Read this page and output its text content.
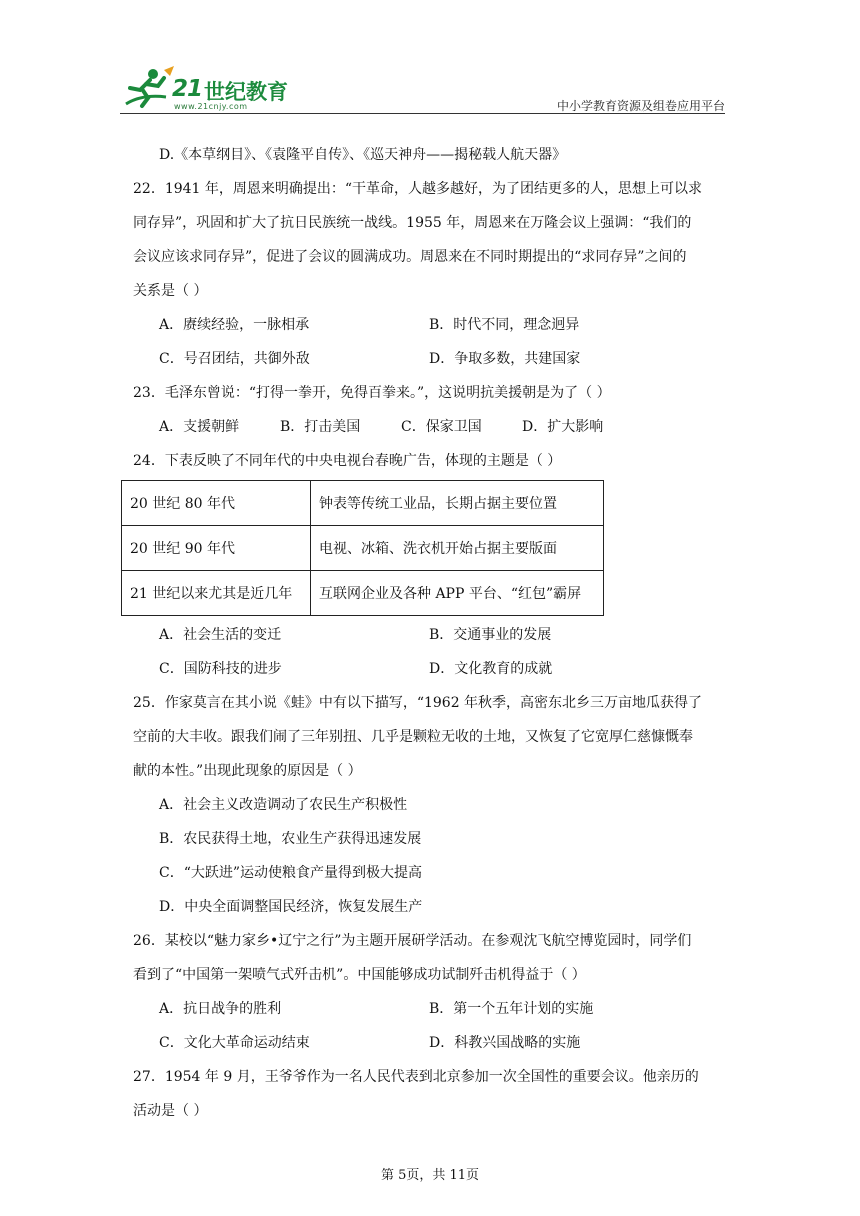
21 世纪教育
www.21cnjy.com	中小学教育资源及组卷应用平台
D.《本草纲目》、《袁隆平自传》、《巡天神舟——揭秘载人航天器》
22．1941 年，周恩来明确提出：“干革命，人越多越好，为了团结更多的人，思想上可以求
同存异”，巩固和扩大了抗日民族统一战线。1955 年，周恩来在万隆会议上强调：“我们的
会议应该求同存异”，促进了会议的圆满成功。周恩来在不同时期提出的“求同存异”之间的
关系是（ ）
A．赓续经验，一脉相承	B．时代不同，理念迥异
C．号召团结，共御外敌	D．争取多数，共建国家
23．毛泽东曾说：“打得一拳开，免得百拳来。”，这说明抗美援朝是为了（ ）
A．支援朝鲜	B．打击美国	C．保家卫国	D．扩大影响
24．下表反映了不同年代的中央电视台春晚广告，体现的主题是（ ）
20 世纪 80 年代	钟表等传统工业品，长期占据主要位置
20 世纪 90 年代	电视、冰箱、洗衣机开始占据主要版面
21 世纪以来尤其是近几年	互联网企业及各种 APP 平台、“红包”霸屏
A．社会生活的变迁	B．交通事业的发展
C．国防科技的进步	D．文化教育的成就
25．作家莫言在其小说《蛙》中有以下描写，“1962 年秋季，高密东北乡三万亩地瓜获得了
空前的大丰收。跟我们闹了三年别扭、几乎是颗粒无收的土地，又恢复了它宽厚仁慈慷慨奉
献的本性。”出现此现象的原因是（ ）
A．社会主义改造调动了农民生产积极性
B．农民获得土地，农业生产获得迅速发展
C．“大跃进”运动使粮食产量得到极大提高
D．中央全面调整国民经济，恢复发展生产
26．某校以“魅力家乡•辽宁之行”为主题开展研学活动。在参观沈飞航空博览园时，同学们
看到了“中国第一架喷气式歼击机”。中国能够成功试制歼击机得益于（ ）
A．抗日战争的胜利	B．第一个五年计划的实施
C．文化大革命运动结束	D．科教兴国战略的实施
27．1954 年 9 月，王爷爷作为一名人民代表到北京参加一次全国性的重要会议。他亲历的
活动是（ ）
第 5页，共 11页
